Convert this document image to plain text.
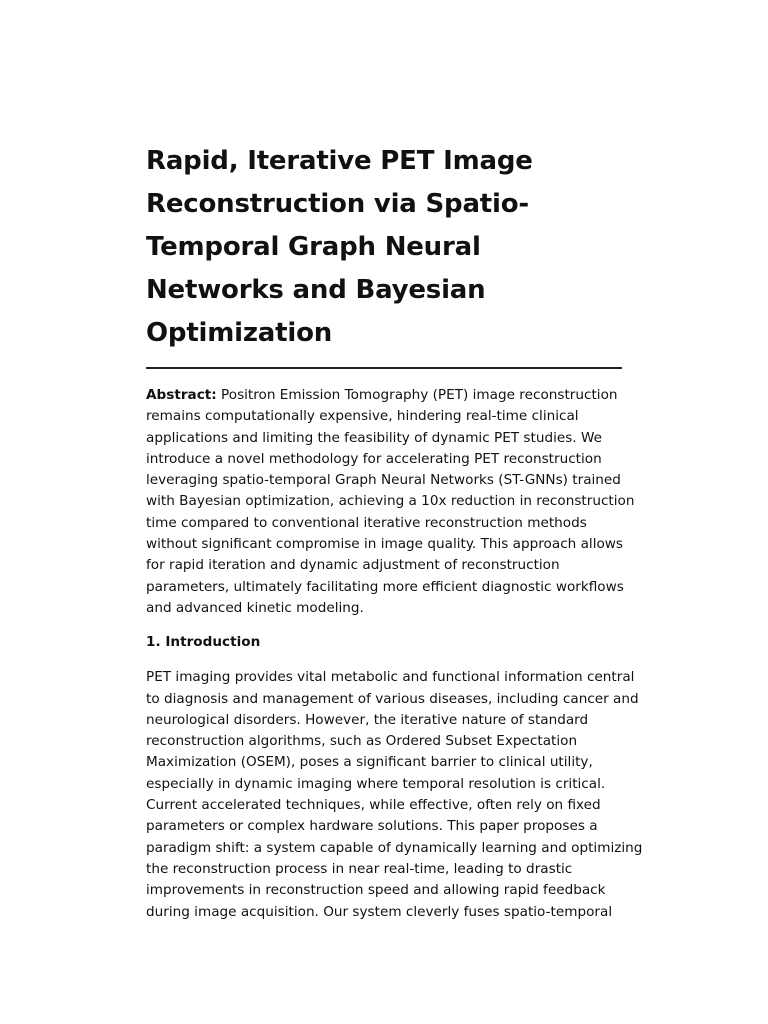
Rapid, Iterative PET Image
Reconstruction via Spatio-
Temporal Graph Neural
Networks and Bayesian
Optimization
Abstract: Positron Emission Tomography (PET) image reconstruction
remains computationally expensive, hindering real-time clinical
applications and limiting the feasibility of dynamic PET studies. We
introduce a novel methodology for accelerating PET reconstruction
leveraging spatio-temporal Graph Neural Networks (ST-GNNs) trained
with Bayesian optimization, achieving a 10x reduction in reconstruction
time compared to conventional iterative reconstruction methods
without significant compromise in image quality. This approach allows
for rapid iteration and dynamic adjustment of reconstruction
parameters, ultimately facilitating more efficient diagnostic workflows
and advanced kinetic modeling.
1. Introduction
PET imaging provides vital metabolic and functional information central
to diagnosis and management of various diseases, including cancer and
neurological disorders. However, the iterative nature of standard
reconstruction algorithms, such as Ordered Subset Expectation
Maximization (OSEM), poses a significant barrier to clinical utility,
especially in dynamic imaging where temporal resolution is critical.
Current accelerated techniques, while effective, often rely on fixed
parameters or complex hardware solutions. This paper proposes a
paradigm shift: a system capable of dynamically learning and optimizing
the reconstruction process in near real-time, leading to drastic
improvements in reconstruction speed and allowing rapid feedback
during image acquisition. Our system cleverly fuses spatio-temporal
